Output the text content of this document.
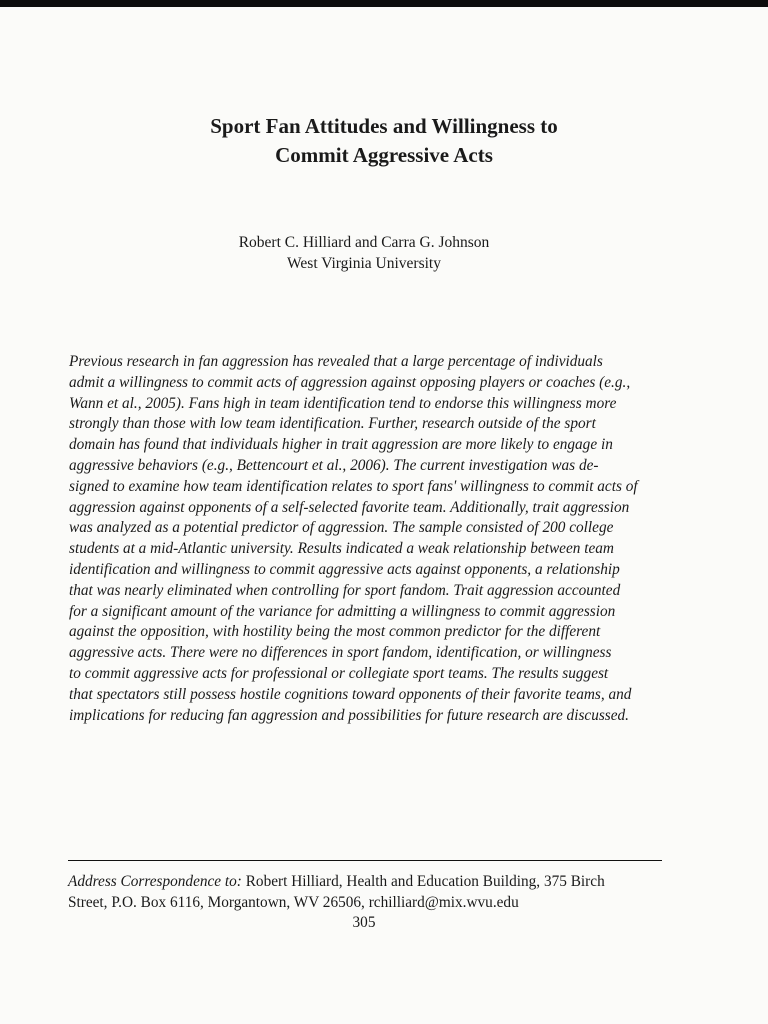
Sport Fan Attitudes and Willingness to
Commit Aggressive Acts
Robert C. Hilliard and Carra G. Johnson
West Virginia University
Previous research in fan aggression has revealed that a large percentage of individuals
admit a willingness to commit acts of aggression against opposing players or coaches (e.g.,
Wann et al., 2005). Fans high in team identification tend to endorse this willingness more
strongly than those with low team identification. Further, research outside of the sport
domain has found that individuals higher in trait aggression are more likely to engage in
aggressive behaviors (e.g., Bettencourt et al., 2006). The current investigation was de-
signed to examine how team identification relates to sport fans' willingness to commit acts of
aggression against opponents of a self-selected favorite team. Additionally, trait aggression
was analyzed as a potential predictor of aggression. The sample consisted of 200 college
students at a mid-Atlantic university. Results indicated a weak relationship between team
identification and willingness to commit aggressive acts against opponents, a relationship
that was nearly eliminated when controlling for sport fandom. Trait aggression accounted
for a significant amount of the variance for admitting a willingness to commit aggression
against the opposition, with hostility being the most common predictor for the different
aggressive acts. There were no differences in sport fandom, identification, or willingness
to commit aggressive acts for professional or collegiate sport teams. The results suggest
that spectators still possess hostile cognitions toward opponents of their favorite teams, and
implications for reducing fan aggression and possibilities for future research are discussed.
Address Correspondence to: Robert Hilliard, Health and Education Building, 375 Birch
Street, P.O. Box 6116, Morgantown, WV 26506, rchilliard@mix.wvu.edu
305
